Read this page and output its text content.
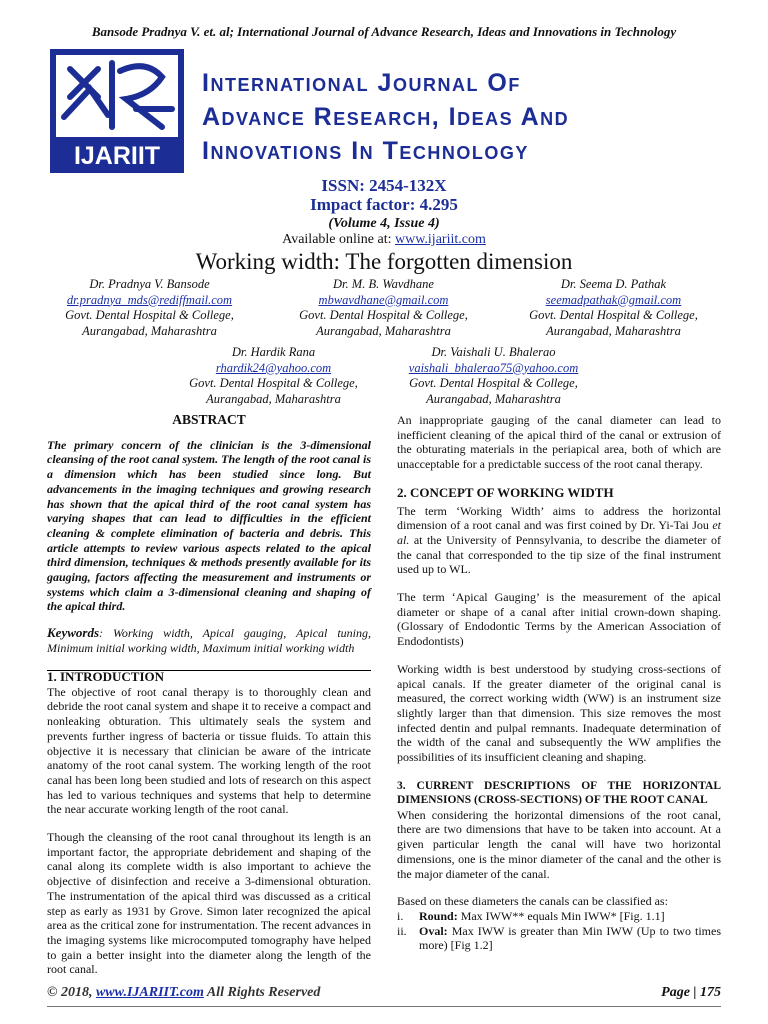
Bansode Pradnya V. et. al; International Journal of Advance Research, Ideas and Innovations in Technology
IJARIIT
International Journal Of
Advance Research, Ideas And
Innovations In Technology
ISSN: 2454-132X
Impact factor: 4.295
(Volume 4, Issue 4)
Available online at: www.ijariit.com
Working width: The forgotten dimension
Dr. Pradnya V. Bansode
dr.pradnya_mds@rediffmail.com
Govt. Dental Hospital & College,
Aurangabad, Maharashtra
Dr. M. B. Wavdhane
mbwavdhane@gmail.com
Govt. Dental Hospital & College,
Aurangabad, Maharashtra
Dr. Seema D. Pathak
seemadpathak@gmail.com
Govt. Dental Hospital & College,
Aurangabad, Maharashtra
Dr. Hardik Rana
rhardik24@yahoo.com
Govt. Dental Hospital & College,
Aurangabad, Maharashtra
Dr. Vaishali U. Bhalerao
vaishali_bhalerao75@yahoo.com
Govt. Dental Hospital & College,
Aurangabad, Maharashtra
ABSTRACT

The primary concern of the clinician is the 3-dimensional cleansing of the root canal system. The length of the root canal is a dimension which has been studied since long. But advancements in the imaging techniques and growing research has shown that the apical third of the root canal system has varying shapes that can lead to difficulties in the efficient cleaning & complete elimination of bacteria and debris. This article attempts to review various aspects related to the apical third dimension, techniques & methods presently available for its gauging, factors affecting the measurement and instruments or systems which claim a 3-dimensional cleaning and shaping of the apical third.

Keywords: Working width, Apical gauging, Apical tuning, Minimum initial working width, Maximum initial working width

1. INTRODUCTION

The objective of root canal therapy is to thoroughly clean and debride the root canal system and shape it to receive a compact and nonleaking obturation. This ultimately seals the system and prevents further ingress of bacteria or tissue fluids. To attain this objective it is necessary that clinician be aware of the intricate anatomy of the root canal system. The working length of the root canal has been long been studied and lots of research on this aspect has led to various techniques and systems that help to determine the near accurate working length of the root canal.

Though the cleansing of the root canal throughout its length is an important factor, the appropriate debridement and shaping of the canal along its complete width is also important to achieve the objective of disinfection and receive a 3-dimensional obturation. The instrumentation of the apical third was discussed as a critical step as early as 1931 by Grove. Simon later recognized the apical area as the critical zone for instrumentation. The recent advances in the imaging systems like microcomputed tomography have helped to gain a better insight into the diameter along the length of the root canal.

An inappropriate gauging of the canal diameter can lead to inefficient cleaning of the apical third of the canal or extrusion of the obturating materials in the periapical area, both of which are unacceptable for a predictable success of the root canal therapy.

2. CONCEPT OF WORKING WIDTH

The term ‘Working Width’ aims to address the horizontal dimension of a root canal and was first coined by Dr. Yi-Tai Jou et al. at the University of Pennsylvania, to describe the diameter of the canal that corresponded to the tip size of the final instrument used up to WL.

The term ‘Apical Gauging’ is the measurement of the apical diameter or shape of a canal after initial crown-down shaping. (Glossary of Endodontic Terms by the American Association of Endodontists)

Working width is best understood by studying cross-sections of apical canals. If the greater diameter of the original canal is measured, the correct working width (WW) is an instrument size slightly larger than that dimension. This size removes the most infected dentin and pulpal remnants. Inadequate determination of the width of the canal and subsequently the WW amplifies the possibilities of its insufficient cleaning and shaping.

3. CURRENT DESCRIPTIONS OF THE HORIZONTAL DIMENSIONS (CROSS-SECTIONS) OF THE ROOT CANAL

When considering the horizontal dimensions of the root canal, there are two dimensions that have to be taken into account. At a given particular length the canal will have two horizontal dimensions, one is the minor diameter of the canal and the other is the major diameter of the canal.

Based on these diameters the canals can be classified as:

i.	Round: Max IWW** equals Min IWW* [Fig. 1.1]
ii.	Oval: Max IWW is greater than Min IWW (Up to two times more) [Fig 1.2]
© 2018, www.IJARIIT.com All Rights Reserved	Page | 175
